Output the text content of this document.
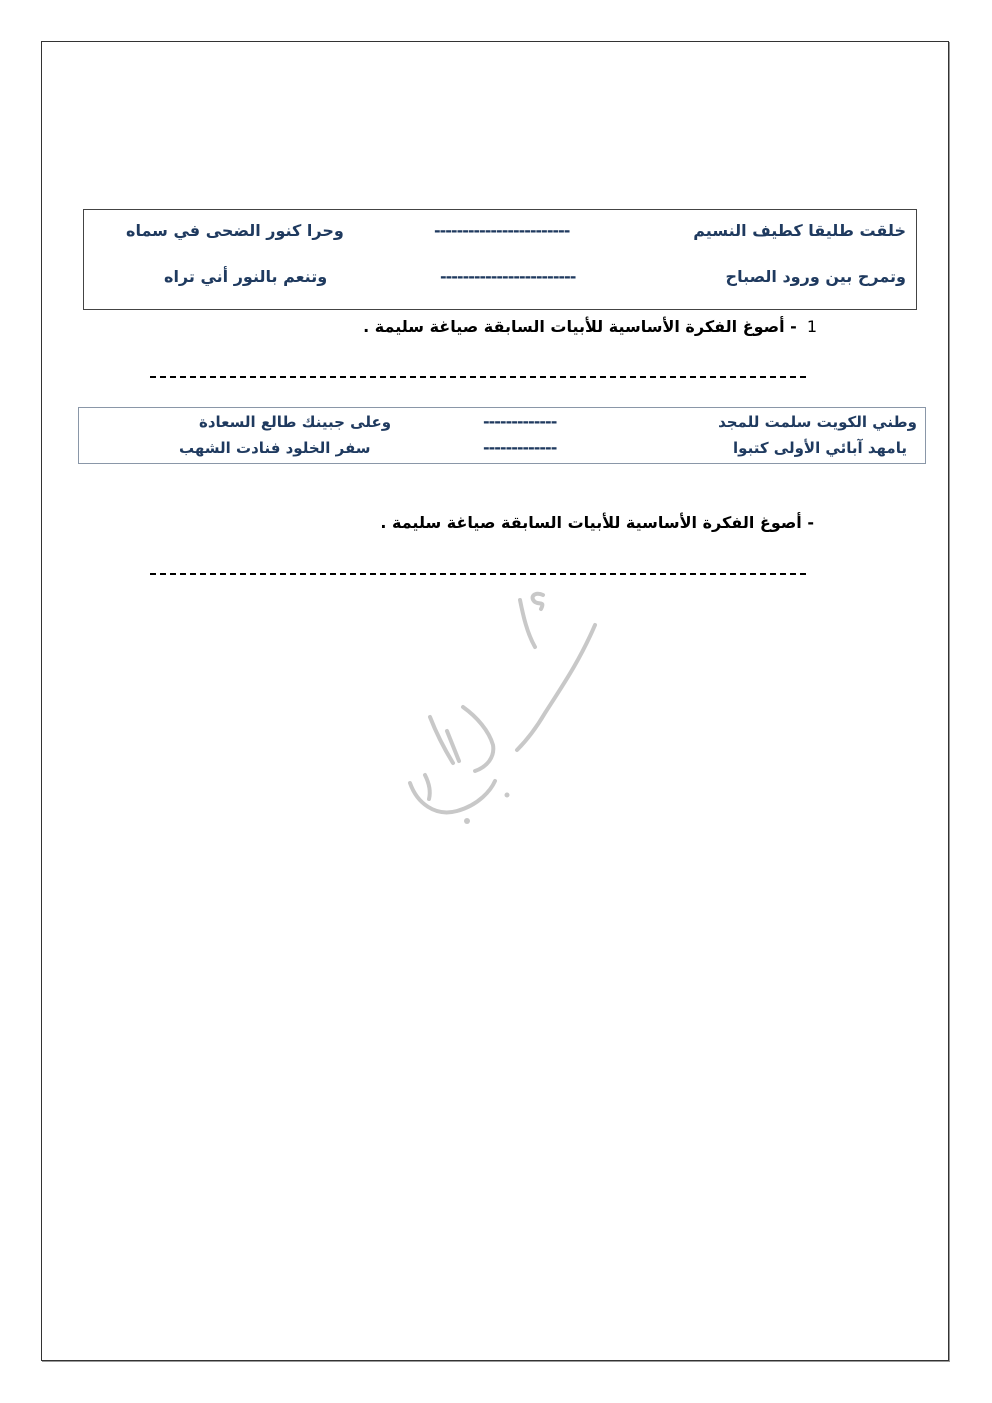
خلقت طليقا كطيف النسيم
------------------------
وحرا كنور الضحى في سماه
وتمرح بين ورود الصباح
------------------------
وتنعم بالنور أني تراه
1- أصوغ الفكرة الأساسية للأبيات السابقة صياغة سليمة .
وطني الكويت سلمت للمجد
-------------
وعلى جبينك طالع السعادة
يامهد آبائي الأولى كتبوا
-------------
سفر الخلود فنادت الشهب
- أصوغ الفكرة الأساسية للأبيات السابقة صياغة سليمة .
